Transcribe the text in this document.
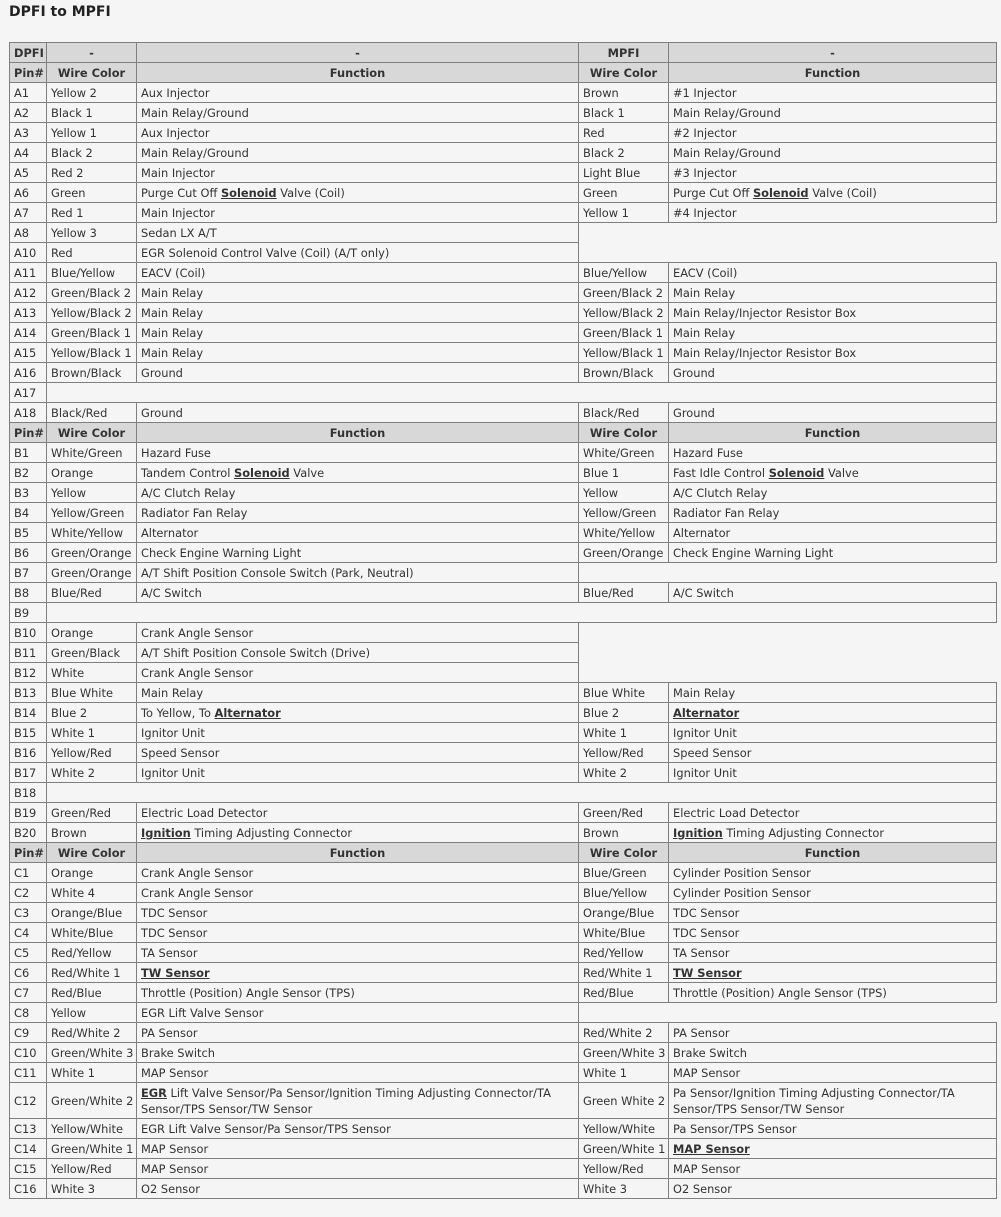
DPFI to MPFI
DPFI	-	-	MPFI	-
Pin#	Wire Color	Function	Wire Color	Function
A1	Yellow 2	Aux Injector	Brown	#1 Injector
A2	Black 1	Main Relay/Ground	Black 1	Main Relay/Ground
A3	Yellow 1	Aux Injector	Red	#2 Injector
A4	Black 2	Main Relay/Ground	Black 2	Main Relay/Ground
A5	Red 2	Main Injector	Light Blue	#3 Injector
A6	Green	Purge Cut Off Solenoid Valve (Coil)	Green	Purge Cut Off Solenoid Valve (Coil)
A7	Red 1	Main Injector	Yellow 1	#4 Injector
A8	Yellow 3	Sedan LX A/T		
A10	Red	EGR Solenoid Control Valve (Coil) (A/T only)		
A11	Blue/Yellow	EACV (Coil)	Blue/Yellow	EACV (Coil)
A12	Green/Black 2	Main Relay	Green/Black 2	Main Relay
A13	Yellow/Black 2	Main Relay	Yellow/Black 2	Main Relay/Injector Resistor Box
A14	Green/Black 1	Main Relay	Green/Black 1	Main Relay
A15	Yellow/Black 1	Main Relay	Yellow/Black 1	Main Relay/Injector Resistor Box
A16	Brown/Black	Ground	Brown/Black	Ground
A17				
A18	Black/Red	Ground	Black/Red	Ground
Pin#	Wire Color	Function	Wire Color	Function
B1	White/Green	Hazard Fuse	White/Green	Hazard Fuse
B2	Orange	Tandem Control Solenoid Valve	Blue 1	Fast Idle Control Solenoid Valve
B3	Yellow	A/C Clutch Relay	Yellow	A/C Clutch Relay
B4	Yellow/Green	Radiator Fan Relay	Yellow/Green	Radiator Fan Relay
B5	White/Yellow	Alternator	White/Yellow	Alternator
B6	Green/Orange	Check Engine Warning Light	Green/Orange	Check Engine Warning Light
B7	Green/Orange	A/T Shift Position Console Switch (Park, Neutral)		
B8	Blue/Red	A/C Switch	Blue/Red	A/C Switch
B9				
B10	Orange	Crank Angle Sensor		
B11	Green/Black	A/T Shift Position Console Switch (Drive)		
B12	White	Crank Angle Sensor		
B13	Blue White	Main Relay	Blue White	Main Relay
B14	Blue 2	To Yellow, To Alternator	Blue 2	Alternator
B15	White 1	Ignitor Unit	White 1	Ignitor Unit
B16	Yellow/Red	Speed Sensor	Yellow/Red	Speed Sensor
B17	White 2	Ignitor Unit	White 2	Ignitor Unit
B18				
B19	Green/Red	Electric Load Detector	Green/Red	Electric Load Detector
B20	Brown	Ignition Timing Adjusting Connector	Brown	Ignition Timing Adjusting Connector
Pin#	Wire Color	Function	Wire Color	Function
C1	Orange	Crank Angle Sensor	Blue/Green	Cylinder Position Sensor
C2	White 4	Crank Angle Sensor	Blue/Yellow	Cylinder Position Sensor
C3	Orange/Blue	TDC Sensor	Orange/Blue	TDC Sensor
C4	White/Blue	TDC Sensor	White/Blue	TDC Sensor
C5	Red/Yellow	TA Sensor	Red/Yellow	TA Sensor
C6	Red/White 1	TW Sensor	Red/White 1	TW Sensor
C7	Red/Blue	Throttle (Position) Angle Sensor (TPS)	Red/Blue	Throttle (Position) Angle Sensor (TPS)
C8	Yellow	EGR Lift Valve Sensor		
C9	Red/White 2	PA Sensor	Red/White 2	PA Sensor
C10	Green/White 3	Brake Switch	Green/White 3	Brake Switch
C11	White 1	MAP Sensor	White 1	MAP Sensor
C12	Green/White 2	EGR Lift Valve Sensor/Pa Sensor/Ignition Timing Adjusting Connector/TA Sensor/TPS Sensor/TW Sensor	Green White 2	Pa Sensor/Ignition Timing Adjusting Connector/TA Sensor/TPS Sensor/TW Sensor
C13	Yellow/White	EGR Lift Valve Sensor/Pa Sensor/TPS Sensor	Yellow/White	Pa Sensor/TPS Sensor
C14	Green/White 1	MAP Sensor	Green/White 1	MAP Sensor
C15	Yellow/Red	MAP Sensor	Yellow/Red	MAP Sensor
C16	White 3	O2 Sensor	White 3	O2 Sensor
